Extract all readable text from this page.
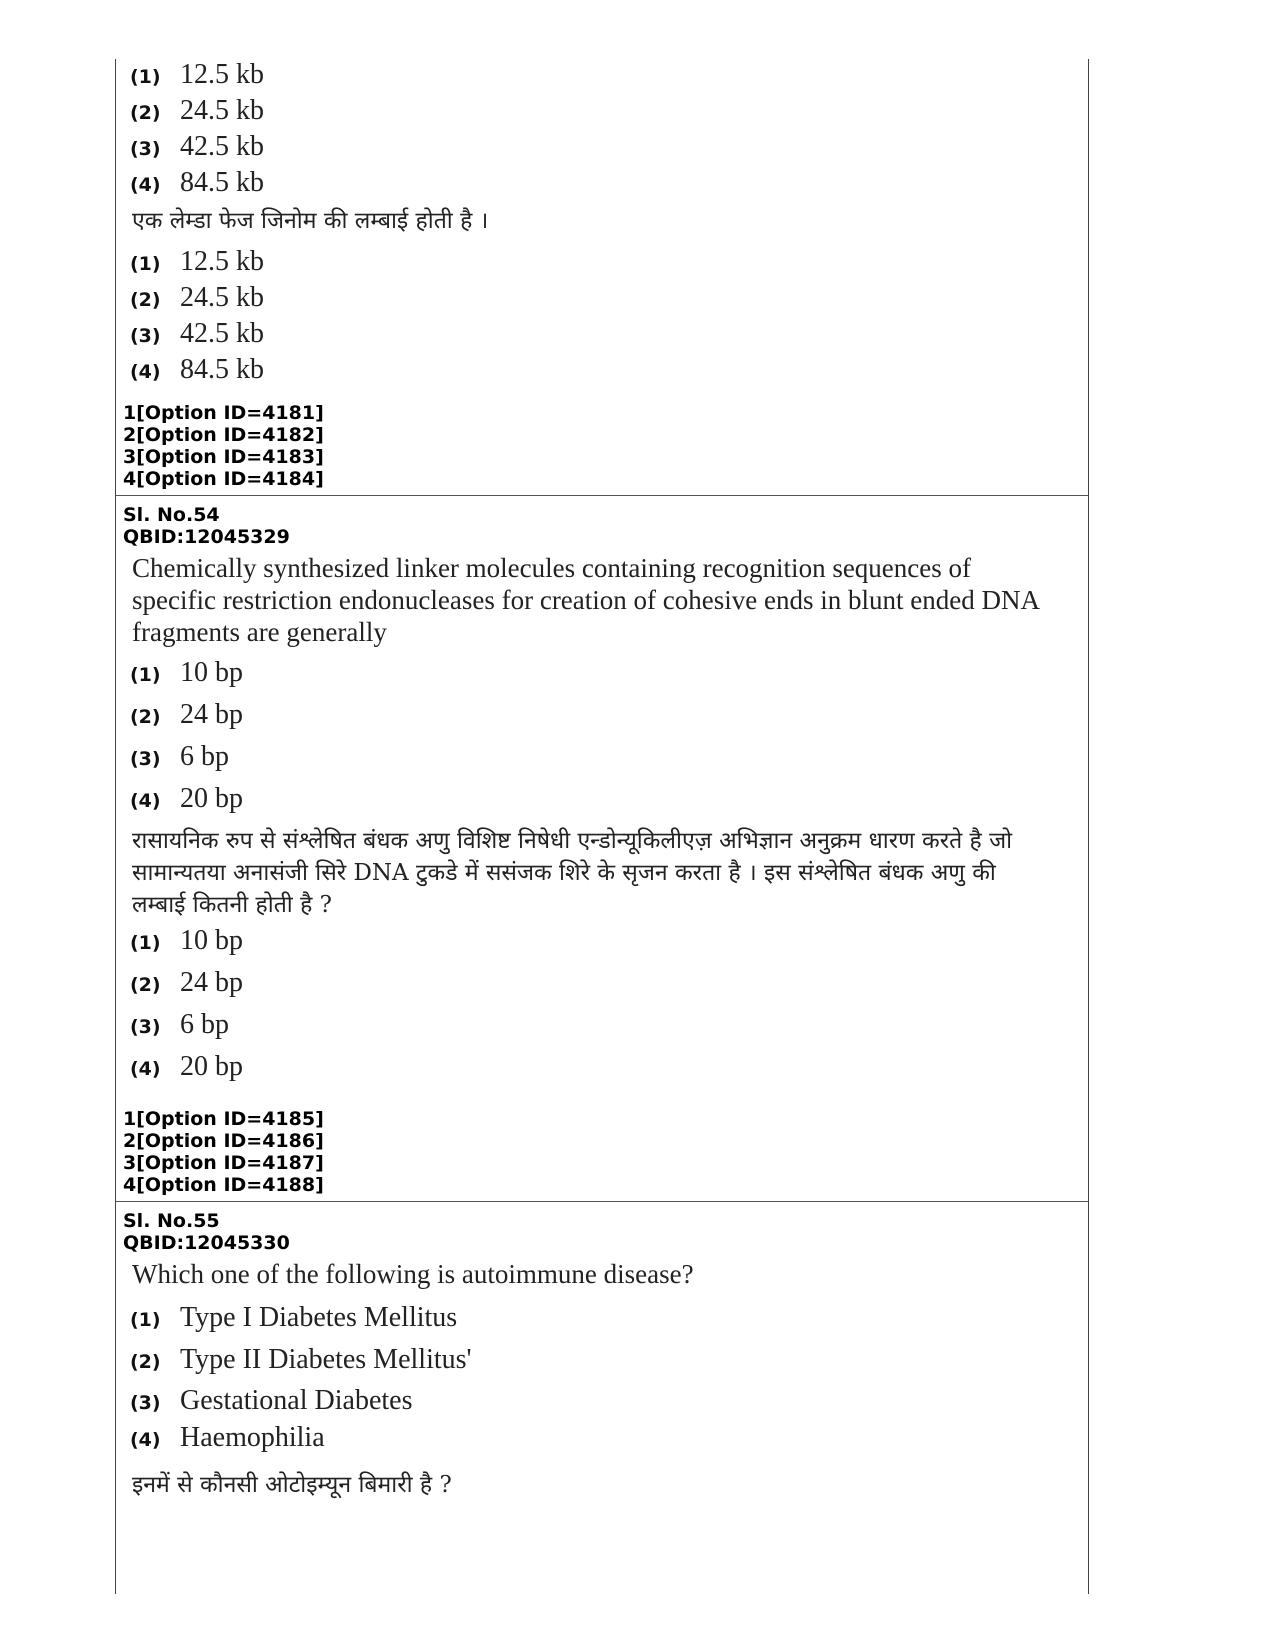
(1) 12.5 kb
(2) 24.5 kb
(3) 42.5 kb
(4) 84.5 kb
एक लेम्डा फेज जिनोम की लम्बाई होती है ।
(1) 12.5 kb
(2) 24.5 kb
(3) 42.5 kb
(4) 84.5 kb
1[Option ID=4181]
2[Option ID=4182]
3[Option ID=4183]
4[Option ID=4184]
Sl. No.54
QBID:12045329
Chemically synthesized linker molecules containing recognition sequences of specific restriction endonucleases for creation of cohesive ends in blunt ended DNA fragments are generally
(1) 10 bp
(2) 24 bp
(3) 6 bp
(4) 20 bp
रासायनिक रुप से संश्लेषित बंधक अणु विशिष्ट निषेधी एन्डोन्यूकिलीएज़ अभिज्ञान अनुक्रम धारण करते है जो सामान्यतया अनासंजी सिरे DNA टुकडे में ससंजक शिरे के सृजन करता है । इस संश्लेषित बंधक अणु की लम्बाई कितनी होती है ?
(1) 10 bp
(2) 24 bp
(3) 6 bp
(4) 20 bp
1[Option ID=4185]
2[Option ID=4186]
3[Option ID=4187]
4[Option ID=4188]
Sl. No.55
QBID:12045330
Which one of the following is autoimmune disease?
(1) Type I Diabetes Mellitus
(2) Type II Diabetes Mellitus'
(3) Gestational Diabetes
(4) Haemophilia
इनमें से कौनसी ओटोइम्यून बिमारी है ?
